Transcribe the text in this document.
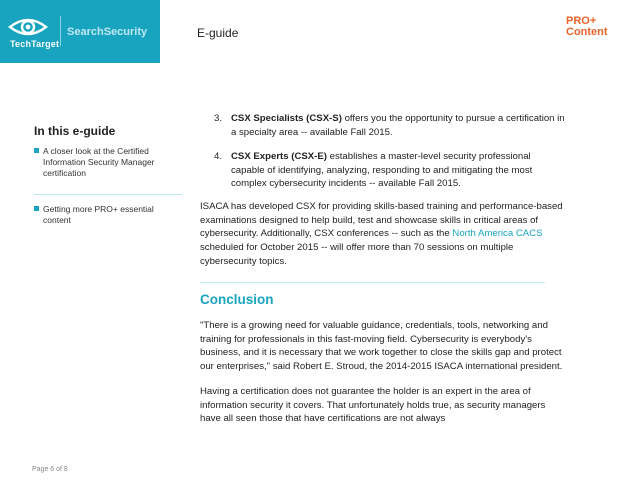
TechTarget
SearchSecurity	E-guide
PRO+
Content
In this e-guide
A closer look at the Certified Information Security Manager certification
Getting more PRO+ essential content
3. CSX Specialists (CSX-S) offers you the opportunity to pursue a certification in a specialty area -- available Fall 2015.
4. CSX Experts (CSX-E) establishes a master-level security professional capable of identifying, analyzing, responding to and mitigating the most complex cybersecurity incidents -- available Fall 2015.
ISACA has developed CSX for providing skills-based training and performance-based examinations designed to help build, test and showcase skills in critical areas of cybersecurity. Additionally, CSX conferences -- such as the North America CACS scheduled for October 2015 -- will offer more than 70 sessions on multiple cybersecurity topics.
Conclusion
"There is a growing need for valuable guidance, credentials, tools, networking and training for professionals in this fast-moving field. Cybersecurity is everybody's business, and it is necessary that we work together to close the skills gap and protect our enterprises," said Robert E. Stroud, the 2014-2015 ISACA international president.
Having a certification does not guarantee the holder is an expert in the area of information security it covers. That unfortunately holds true, as security managers have all seen those that have certifications are not always
Page 6 of 8
